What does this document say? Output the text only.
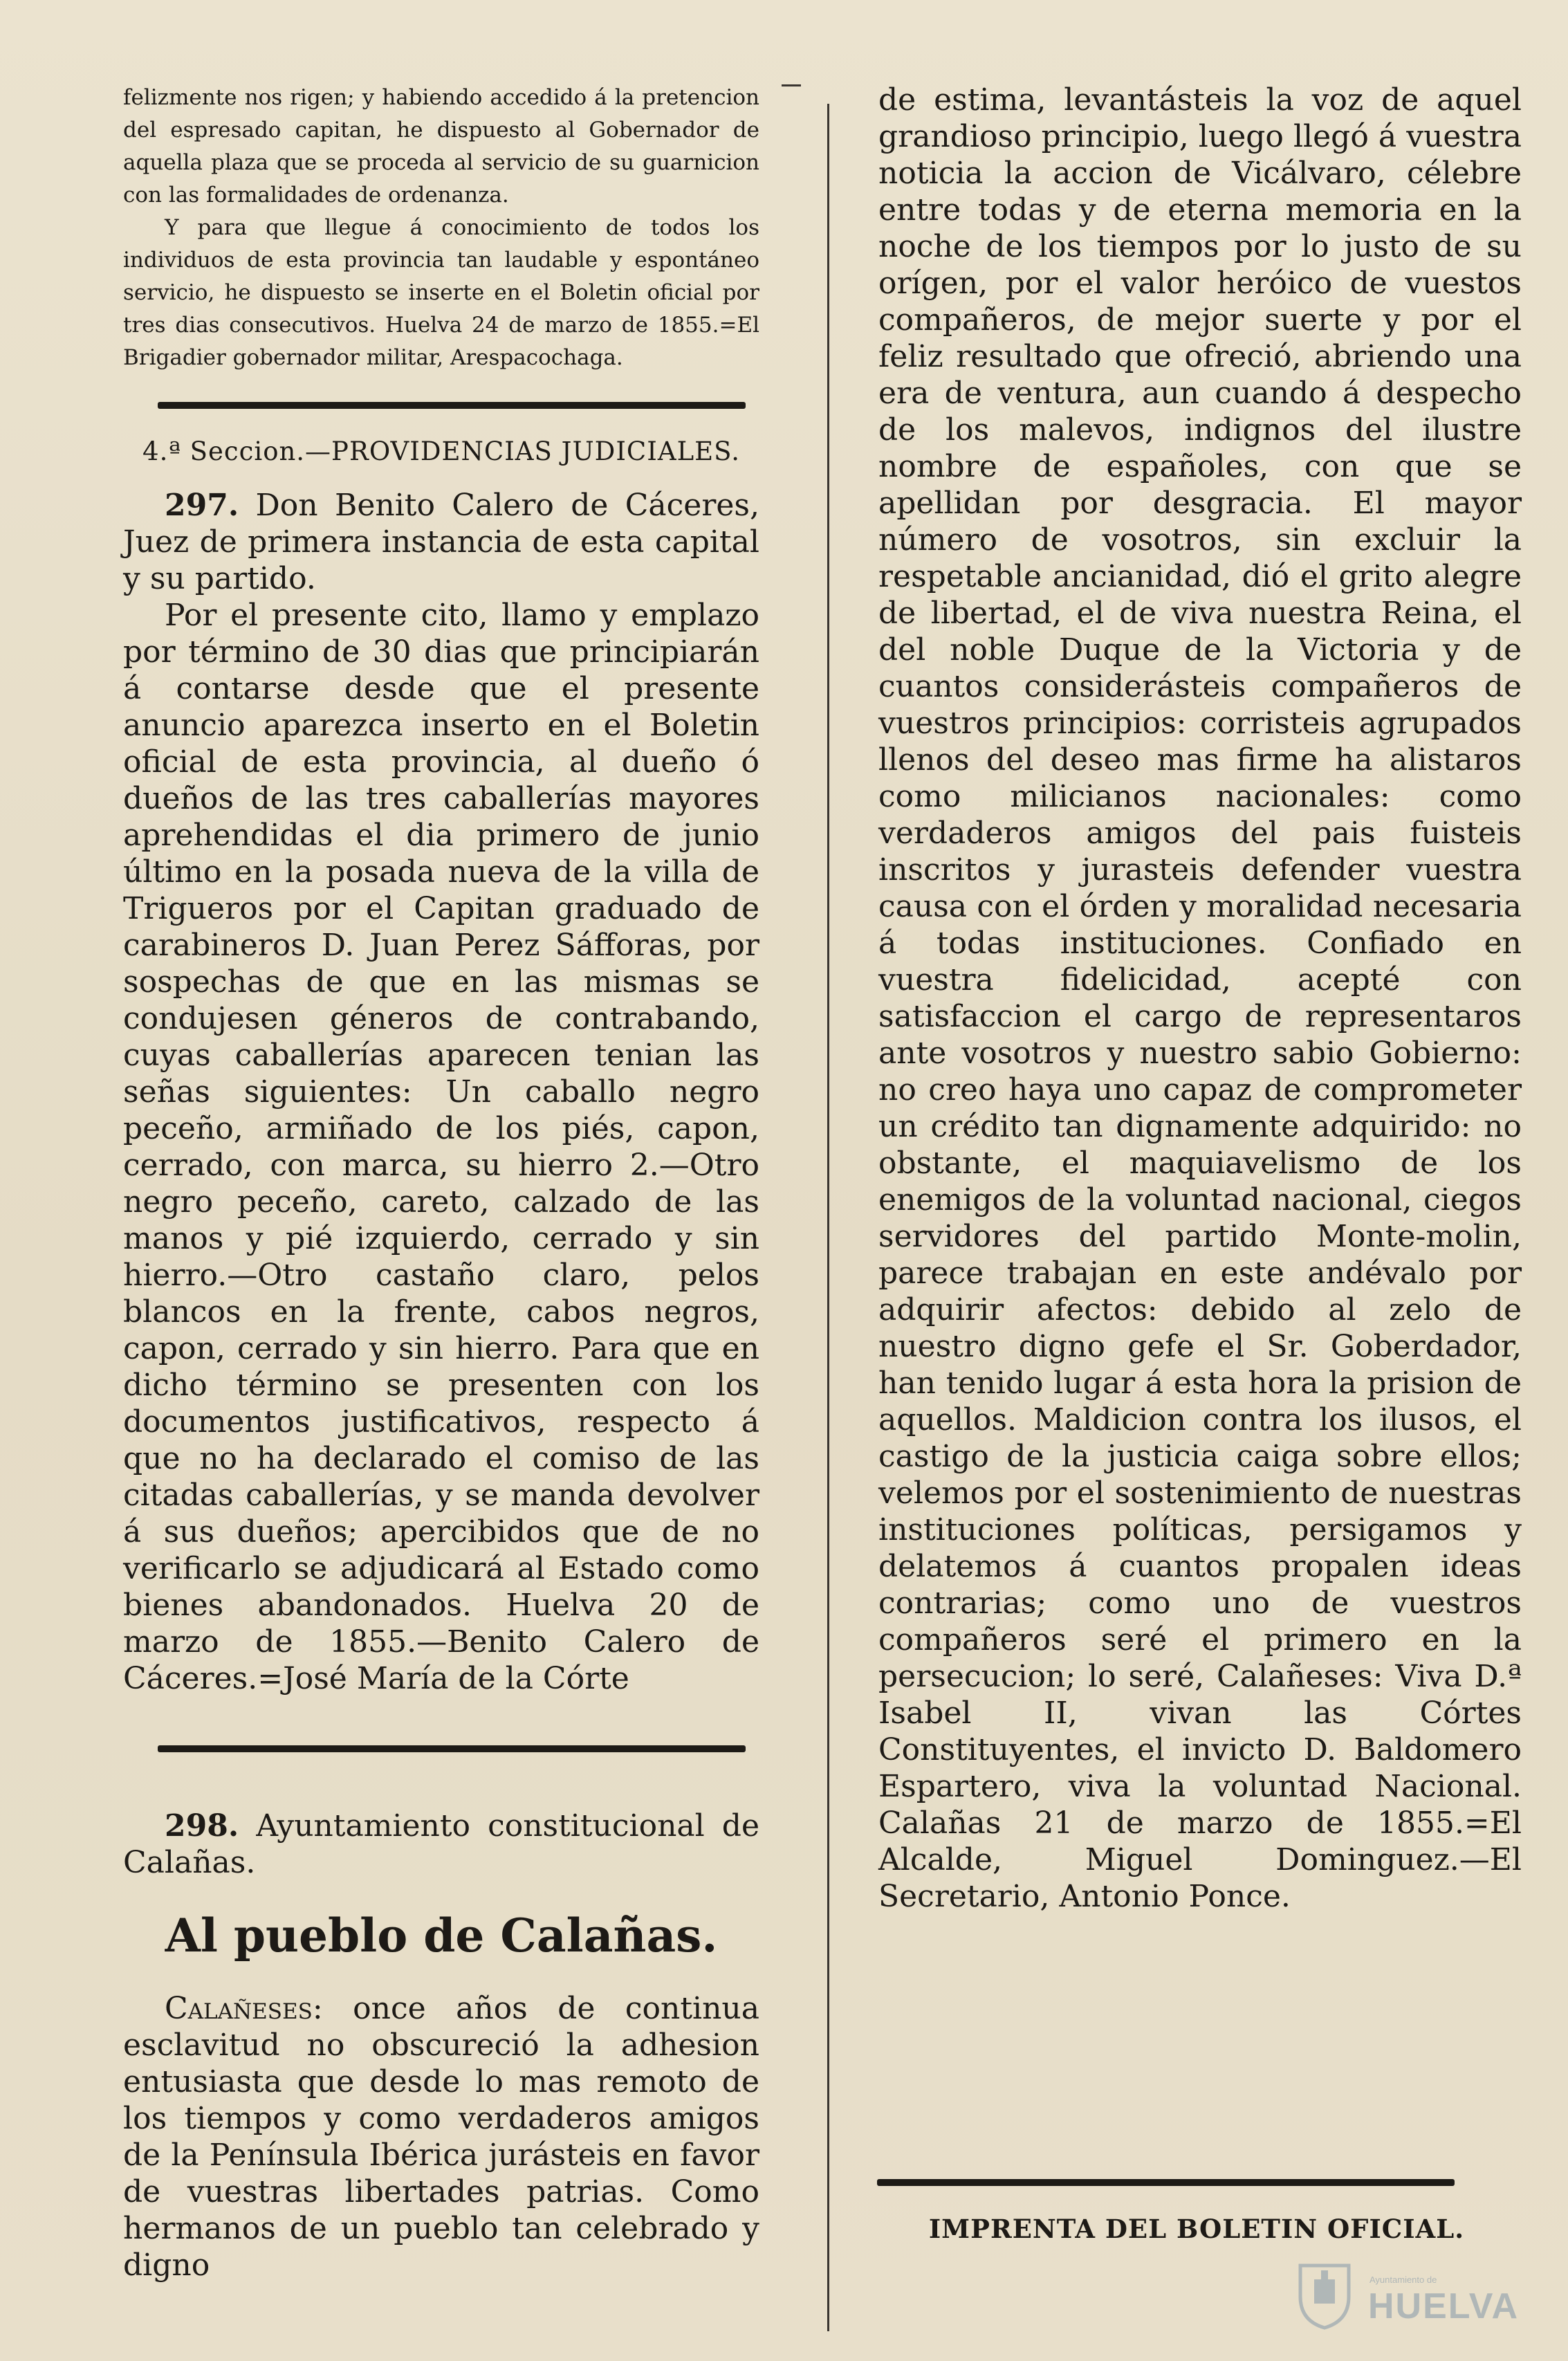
felizmente nos rigen; y habiendo accedido á la pretencion del espresado capitan, he dispuesto al Gobernador de aquella plaza que se proceda al servicio de su guarnicion con las formalidades de ordenanza.

Y para que llegue á conocimiento de todos los individuos de esta provincia tan laudable y espontáneo servicio, he dispuesto se inserte en el Boletin oficial por tres dias consecutivos. Huelva 24 de marzo de 1855.=El Brigadier gobernador militar, Arespacochaga.

4.ª Seccion.—PROVIDENCIAS JUDICIALES.

297. Don Benito Calero de Cáceres, Juez de primera instancia de esta capital y su partido.

Por el presente cito, llamo y emplazo por término de 30 dias que principiarán á contarse desde que el presente anuncio aparezca inserto en el Boletin oficial de esta provincia, al dueño ó dueños de las tres caballerías mayores aprehendidas el dia primero de junio último en la posada nueva de la villa de Trigueros por el Capitan graduado de carabineros D. Juan Perez Sáfforas, por sospechas de que en las mismas se condujesen géneros de contrabando, cuyas caballerías aparecen tenian las señas siguientes: Un caballo negro peceño, armiñado de los piés, capon, cerrado, con marca, su hierro 2.—Otro negro peceño, careto, calzado de las manos y pié izquierdo, cerrado y sin hierro.—Otro castaño claro, pelos blancos en la frente, cabos negros, capon, cerrado y sin hierro. Para que en dicho término se presenten con los documentos justificativos, respecto á que no ha declarado el comiso de las citadas caballerías, y se manda devolver á sus dueños; apercibidos que de no verificarlo se adjudicará al Estado como bienes abandonados. Huelva 20 de marzo de 1855.—Benito Calero de Cáceres.=José María de la Córte

298. Ayuntamiento constitucional de Calañas.

Al pueblo de Calañas.

Calañeses: once años de continua esclavitud no obscureció la adhesion entusiasta que desde lo mas remoto de los tiempos y como verdaderos amigos de la Península Ibérica jurásteis en favor de vuestras libertades patrias. Como hermanos de un pueblo tan celebrado y digno

de estima, levantásteis la voz de aquel grandioso principio, luego llegó á vuestra noticia la accion de Vicálvaro, célebre entre todas y de eterna memoria en la noche de los tiempos por lo justo de su orígen, por el valor heróico de vuestos compañeros, de mejor suerte y por el feliz resultado que ofreció, abriendo una era de ventura, aun cuando á despecho de los malevos, indignos del ilustre nombre de españoles, con que se apellidan por desgracia. El mayor número de vosotros, sin excluir la respetable ancianidad, dió el grito alegre de libertad, el de viva nuestra Reina, el del noble Duque de la Victoria y de cuantos considerásteis compañeros de vuestros principios: corristeis agrupados llenos del deseo mas firme ha alistaros como milicianos nacionales: como verdaderos amigos del pais fuisteis inscritos y jurasteis defender vuestra causa con el órden y moralidad necesaria á todas instituciones. Confiado en vuestra fidelicidad, acepté con satisfaccion el cargo de representaros ante vosotros y nuestro sabio Gobierno: no creo haya uno capaz de comprometer un crédito tan dignamente adquirido: no obstante, el maquiavelismo de los enemigos de la voluntad nacional, ciegos servidores del partido Monte-molin, parece trabajan en este andévalo por adquirir afectos: debido al zelo de nuestro digno gefe el Sr. Goberdador, han tenido lugar á esta hora la prision de aquellos. Maldicion contra los ilusos, el castigo de la justicia caiga sobre ellos; velemos por el sostenimiento de nuestras instituciones políticas, persigamos y delatemos á cuantos propalen ideas contrarias; como uno de vuestros compañeros seré el primero en la persecucion; lo seré, Calañeses: Viva D.ª Isabel II, vivan las Córtes Constituyentes, el invicto D. Baldomero Espartero, viva la voluntad Nacional. Calañas 21 de marzo de 1855.=El Alcalde, Miguel Dominguez.—El Secretario, Antonio Ponce.

IMPRENTA DEL BOLETIN OFICIAL.
Ayuntamiento de
HUELVA
